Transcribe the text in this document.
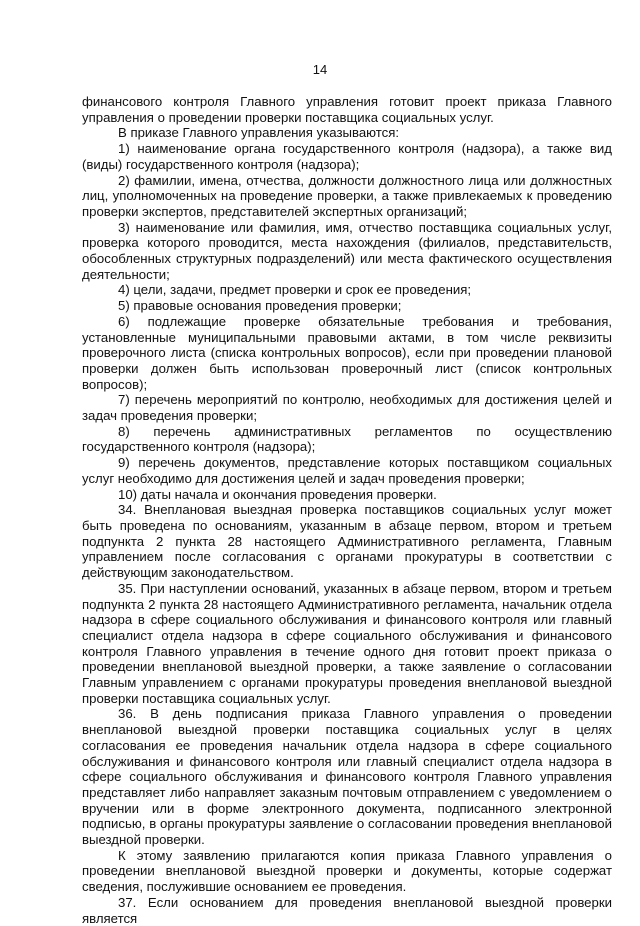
14

финансового контроля Главного управления готовит проект приказа Главного управления о проведении проверки поставщика социальных услуг.

В приказе Главного управления указываются:

1) наименование органа государственного контроля (надзора), а также вид (виды) государственного контроля (надзора);

2) фамилии, имена, отчества, должности должностного лица или должностных лиц, уполномоченных на проведение проверки, а также привлекаемых к проведению проверки экспертов, представителей экспертных организаций;

3) наименование или фамилия, имя, отчество поставщика социальных услуг, проверка которого проводится, места нахождения (филиалов, представительств, обособленных структурных подразделений) или места фактического осуществления деятельности;

4) цели, задачи, предмет проверки и срок ее проведения;

5) правовые основания проведения проверки;

6) подлежащие проверке обязательные требования и требования, установленные муниципальными правовыми актами, в том числе реквизиты проверочного листа (списка контрольных вопросов), если при проведении плановой проверки должен быть использован проверочный лист (список контрольных вопросов);

7) перечень мероприятий по контролю, необходимых для достижения целей и задач проведения проверки;

8) перечень административных регламентов по осуществлению государственного контроля (надзора);

9) перечень документов, представление которых поставщиком социальных услуг необходимо для достижения целей и задач проведения проверки;

10) даты начала и окончания проведения проверки.

34. Внеплановая выездная проверка поставщиков социальных услуг может быть проведена по основаниям, указанным в абзаце первом, втором и третьем подпункта 2 пункта 28 настоящего Административного регламента, Главным управлением после согласования с органами прокуратуры в соответствии с действующим законодательством.

35. При наступлении оснований, указанных в абзаце первом, втором и третьем подпункта 2 пункта 28 настоящего Административного регламента, начальник отдела надзора в сфере социального обслуживания и финансового контроля или главный специалист отдела надзора в сфере социального обслуживания и финансового контроля Главного управления в течение одного дня готовит проект приказа о проведении внеплановой выездной проверки, а также заявление о согласовании Главным управлением с органами прокуратуры проведения внеплановой выездной проверки поставщика социальных услуг.

36. В день подписания приказа Главного управления о проведении внеплановой выездной проверки поставщика социальных услуг в целях согласования ее проведения начальник отдела надзора в сфере социального обслуживания и финансового контроля или главный специалист отдела надзора в сфере социального обслуживания и финансового контроля Главного управления представляет либо направляет заказным почтовым отправлением с уведомлением о вручении или в форме электронного документа, подписанного электронной подписью, в органы прокуратуры заявление о согласовании проведения внеплановой выездной проверки.

К этому заявлению прилагаются копия приказа Главного управления о проведении внеплановой выездной проверки и документы, которые содержат сведения, послужившие основанием ее проведения.

37. Если основанием для проведения внеплановой выездной проверки является
